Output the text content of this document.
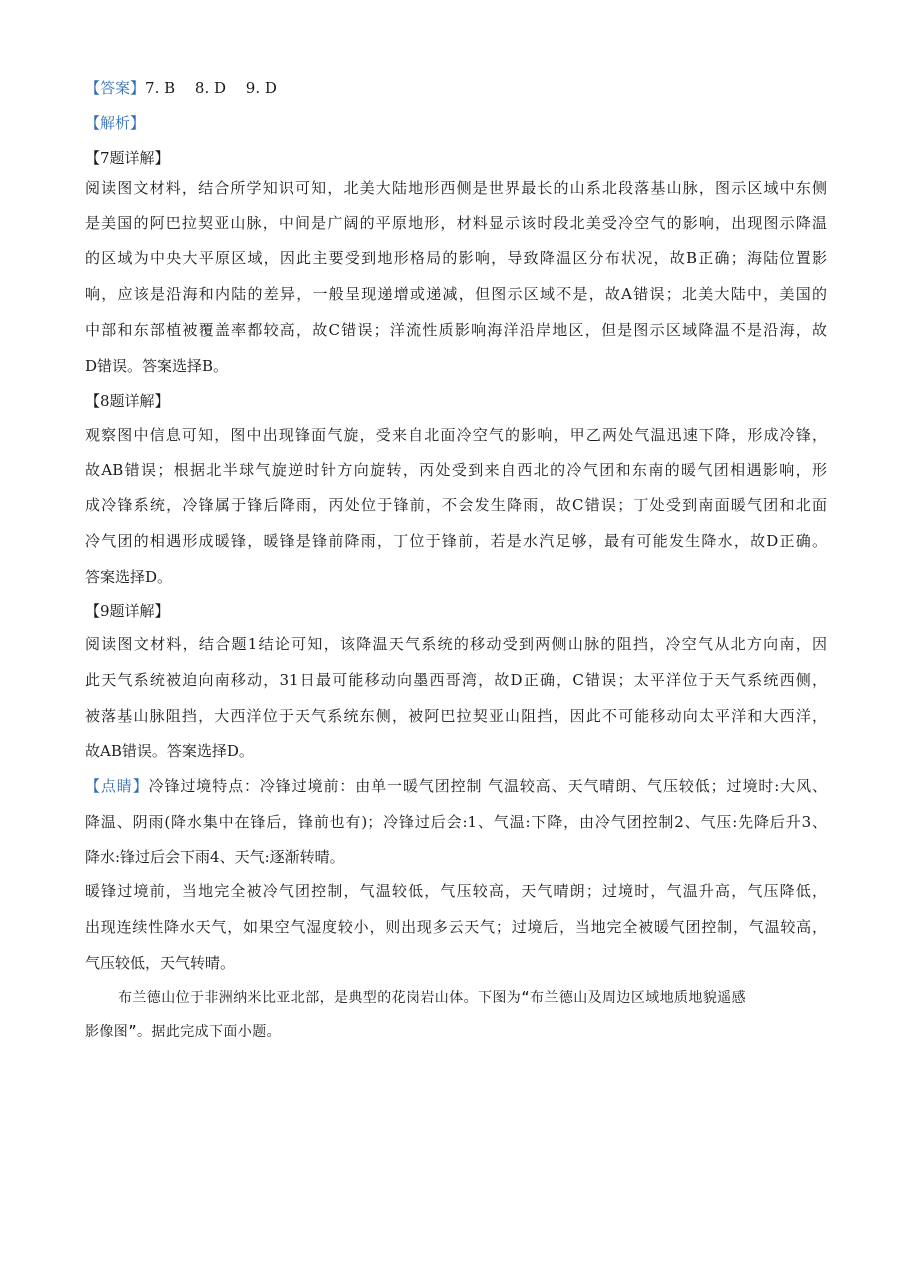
【答案】7. B　 8. D　 9. D
【解析】
【7题详解】
阅读图文材料，结合所学知识可知，北美大陆地形西侧是世界最长的山系北段落基山脉，图示区域中东侧
是美国的阿巴拉契亚山脉，中间是广阔的平原地形，材料显示该时段北美受冷空气的影响，出现图示降温
的区域为中央大平原区域，因此主要受到地形格局的影响，导致降温区分布状况，故B正确；海陆位置影
响，应该是沿海和内陆的差异，一般呈现递增或递减，但图示区域不是，故A错误；北美大陆中，美国的
中部和东部植被覆盖率都较高，故C错误；洋流性质影响海洋沿岸地区，但是图示区域降温不是沿海，故
D错误。答案选择B。
【8题详解】
观察图中信息可知，图中出现锋面气旋，受来自北面冷空气的影响，甲乙两处气温迅速下降，形成冷锋，
故AB错误；根据北半球气旋逆时针方向旋转，丙处受到来自西北的冷气团和东南的暖气团相遇影响，形
成冷锋系统，冷锋属于锋后降雨，丙处位于锋前，不会发生降雨，故C错误；丁处受到南面暖气团和北面
冷气团的相遇形成暖锋，暖锋是锋前降雨，丁位于锋前，若是水汽足够，最有可能发生降水，故D正确。
答案选择D。
【9题详解】
阅读图文材料，结合题1结论可知，该降温天气系统的移动受到两侧山脉的阻挡，冷空气从北方向南，因
此天气系统被迫向南移动，31日最可能移动向墨西哥湾，故D正确，C错误；太平洋位于天气系统西侧，
被落基山脉阻挡，大西洋位于天气系统东侧，被阿巴拉契亚山阻挡，因此不可能移动向太平洋和大西洋，
故AB错误。答案选择D。
【点睛】冷锋过境特点：冷锋过境前：由单一暖气团控制 气温较高、天气晴朗、气压较低；过境时:大风、
降温、阴雨(降水集中在锋后，锋前也有)；冷锋过后会:1、气温:下降，由冷气团控制2、气压:先降后升3、
降水:锋过后会下雨4、天气:逐渐转晴。
暖锋过境前，当地完全被冷气团控制，气温较低，气压较高，天气晴朗；过境时，气温升高，气压降低，
出现连续性降水天气，如果空气湿度较小，则出现多云天气；过境后，当地完全被暖气团控制，气温较高，
气压较低，天气转晴。
布兰德山位于非洲纳米比亚北部，是典型的花岗岩山体。下图为“布兰德山及周边区域地质地貌遥感
影像图”。据此完成下面小题。
